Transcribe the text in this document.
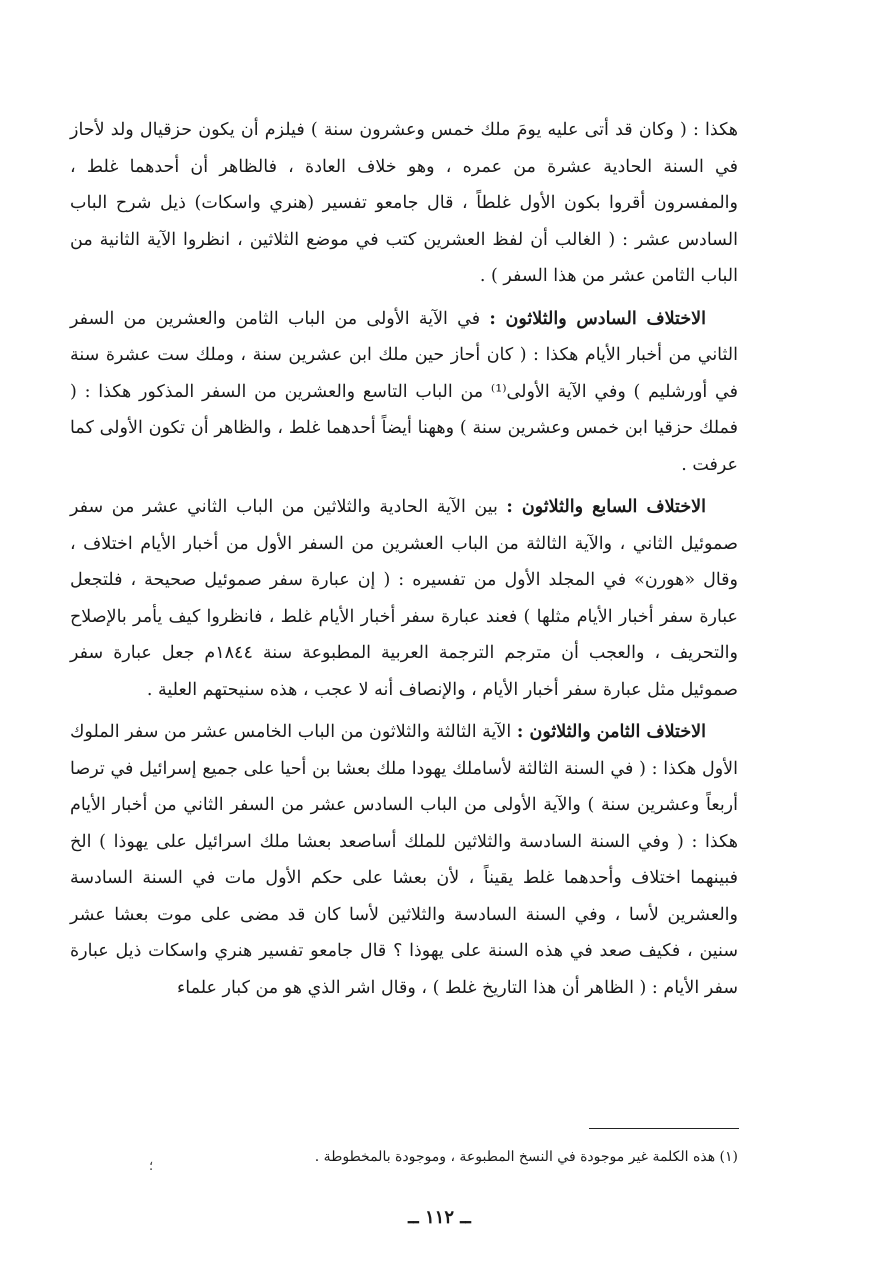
هكذا : ( وكان قد أتى عليه يومَ ملك خمس وعشرون سنة ) فيلزم أن يكون حزقيال ولد لأحاز في السنة الحادية عشرة من عمره ، وهو خلاف العادة ، فالظاهر أن أحدهما غلط ، والمفسرون أقروا بكون الأول غلطاً ، قال جامعو تفسير (هنري واسكات) ذيل شرح الباب السادس عشر : ( الغالب أن لفظ العشرين كتب في موضع الثلاثين ، انظروا الآية الثانية من الباب الثامن عشر من هذا السفر ) .

الاختلاف السادس والثلاثون : في الآية الأولى من الباب الثامن والعشرين من السفر الثاني من أخبار الأيام هكذا : ( كان أحاز حين ملك ابن عشرين سنة ، وملك ست عشرة سنة في أورشليم ) وفي الآية الأولى⁽¹⁾ من الباب التاسع والعشرين من السفر المذكور هكذا : ( فملك حزقيا ابن خمس وعشرين سنة ) وههنا أيضاً أحدهما غلط ، والظاهر أن تكون الأولى كما عرفت .

الاختلاف السابع والثلاثون : بين الآية الحادية والثلاثين من الباب الثاني عشر من سفر صموئيل الثاني ، والآية الثالثة من الباب العشرين من السفر الأول من أخبار الأيام اختلاف ، وقال «هورن» في المجلد الأول من تفسيره : ( إن عبارة سفر صموئيل صحيحة ، فلتجعل عبارة سفر أخبار الأيام مثلها ) فعند عبارة سفر أخبار الأيام غلط ، فانظروا كيف يأمر بالإصلاح والتحريف ، والعجب أن مترجم الترجمة العربية المطبوعة سنة ١٨٤٤م جعل عبارة سفر صموئيل مثل عبارة سفر أخبار الأيام ، والإنصاف أنه لا عجب ، هذه سنيحتهم العلية .

الاختلاف الثامن والثلاثون : الآية الثالثة والثلاثون من الباب الخامس عشر من سفر الملوك الأول هكذا : ( في السنة الثالثة لأساملك يهودا ملك بعشا بن أحيا على جميع إسرائيل في ترصا أربعاً وعشرين سنة ) والآية الأولى من الباب السادس عشر من السفر الثاني من أخبار الأيام هكذا : ( وفي السنة السادسة والثلاثين للملك أساصعد بعشا ملك اسرائيل على يهوذا ) الخ فبينهما اختلاف وأحدهما غلط يقيناً ، لأن بعشا على حكم الأول مات في السنة السادسة والعشرين لأسا ، وفي السنة السادسة والثلاثين لأسا كان قد مضى على موت بعشا عشر سنين ، فكيف صعد في هذه السنة على يهوذا ؟ قال جامعو تفسير هنري واسكات ذيل عبارة سفر الأيام : ( الظاهر أن هذا التاريخ غلط ) ، وقال اشر الذي هو من كبار علماء

(١) هذه الكلمة غير موجودة في النسخ المطبوعة ، وموجودة بالمخطوطة .
؛
ــ ١١٢ ــ
